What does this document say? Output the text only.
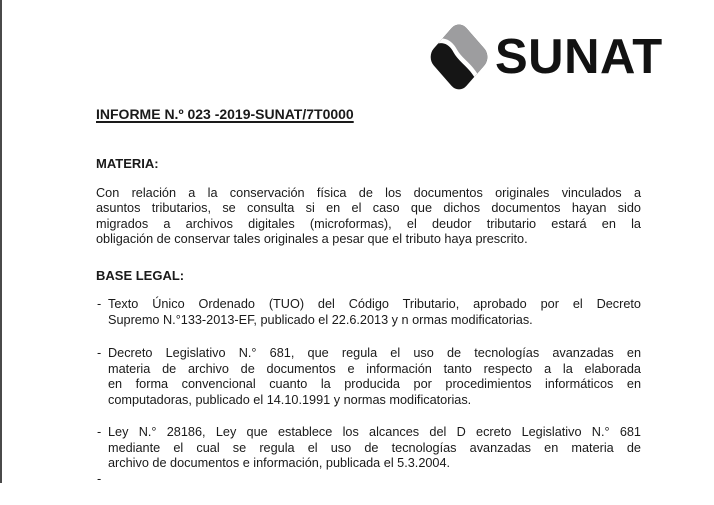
SUNAT
INFORME N.º 023 -2019-SUNAT/7T0000
MATERIA:
Con relación a la conservación física de los documentos originales vinculados a
asuntos tributarios, se consulta si en el caso que dichos documentos hayan sido
migrados a archivos digitales (microformas), el deudor tributario estará en la
obligación de conservar tales originales a pesar que el tributo haya prescrito.
BASE LEGAL:
- Texto Único Ordenado (TUO) del Código Tributario, aprobado por el Decreto
Supremo N.°133-2013-EF, publicado el 22.6.2013 y n ormas modificatorias.
- Decreto Legislativo N.° 681, que regula el uso de tecnologías avanzadas en
materia de archivo de documentos e información tanto respecto a la elaborada
en forma convencional cuanto la producida por procedimientos informáticos en
computadoras, publicado el 14.10.1991 y normas modificatorias.
- Ley N.° 28186, Ley que establece los alcances del D ecreto Legislativo N.° 681
mediante el cual se regula el uso de tecnologías avanzadas en materia de
archivo de documentos e información, publicada el 5.3.2004.
-
